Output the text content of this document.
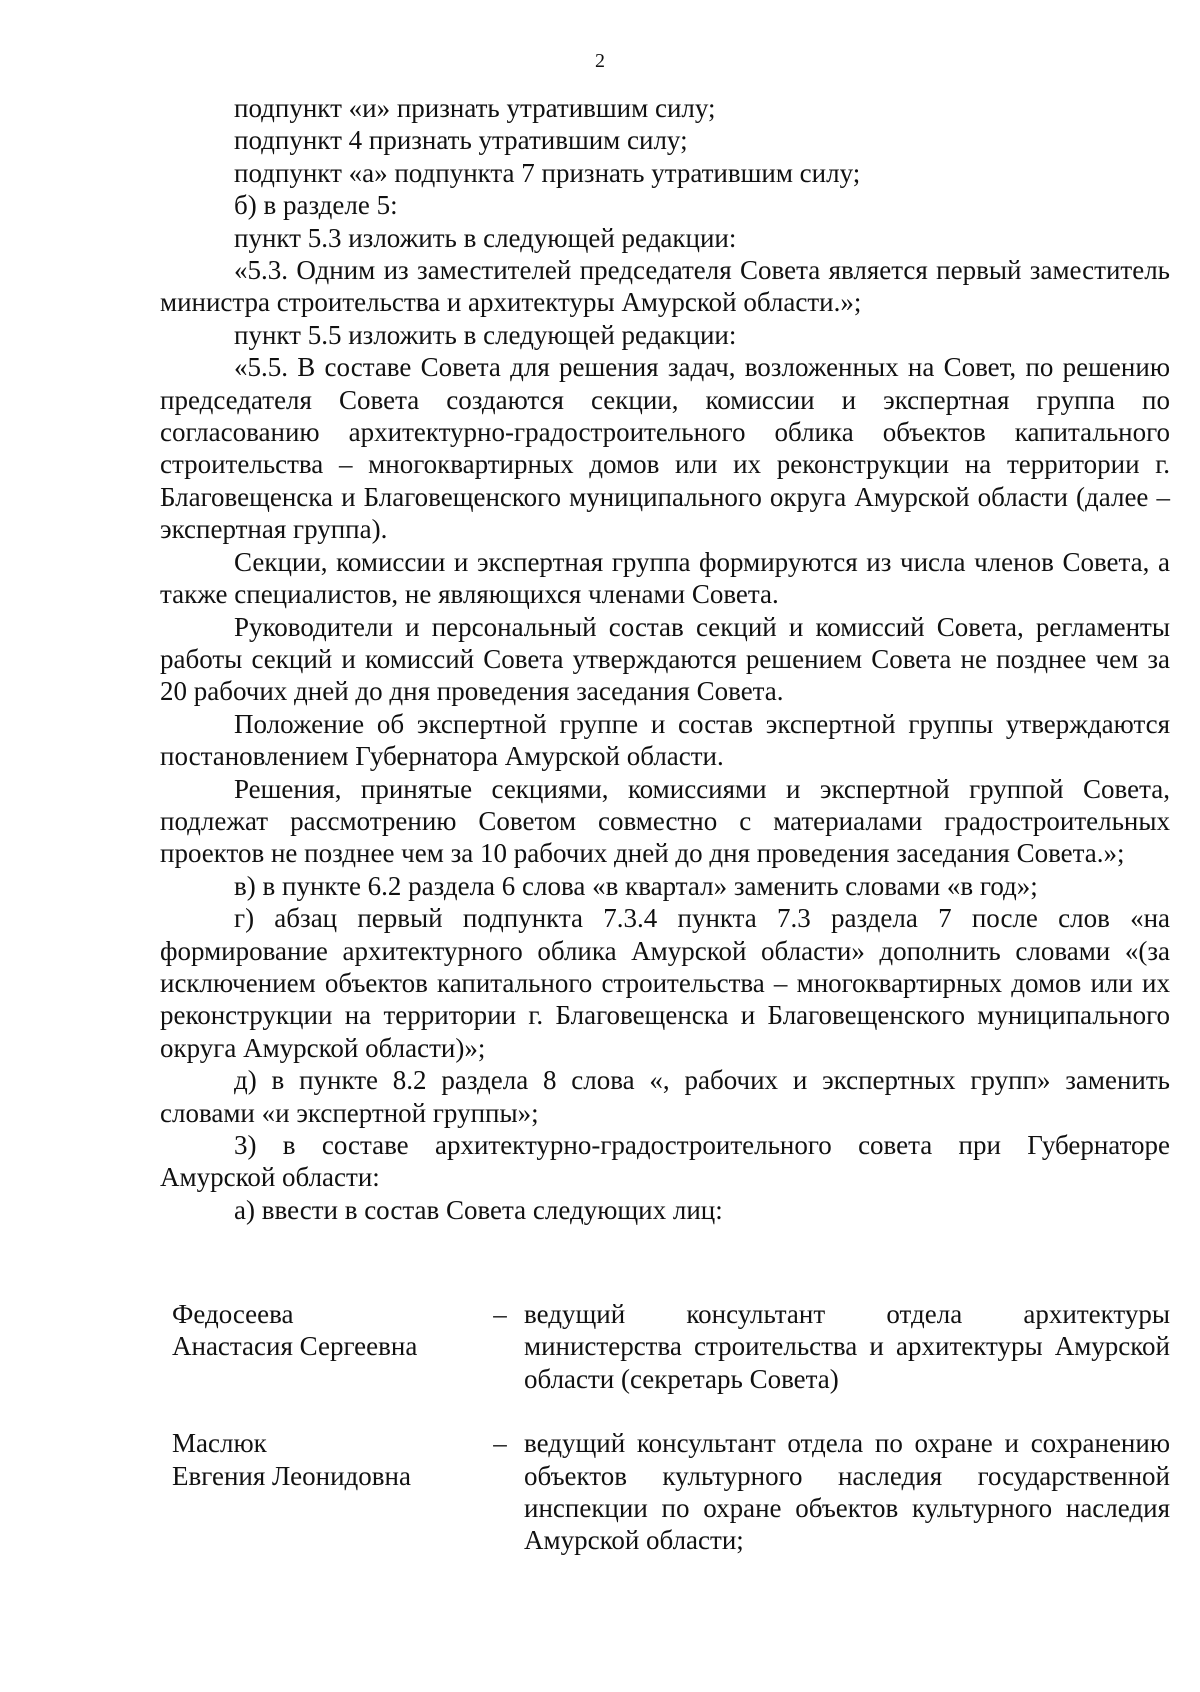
2

подпункт «и» признать утратившим силу;

подпункт 4 признать утратившим силу;

подпункт «а» подпункта 7 признать утратившим силу;

б) в разделе 5:

пункт 5.3 изложить в следующей редакции:

«5.3. Одним из заместителей председателя Совета является первый заместитель министра строительства и архитектуры Амурской области.»;

пункт 5.5 изложить в следующей редакции:

«5.5. В составе Совета для решения задач, возложенных на Совет, по решению председателя Совета создаются секции, комиссии и экспертная группа по согласованию архитектурно-градостроительного облика объектов капитального строительства – многоквартирных домов или их реконструкции на территории г. Благовещенска и Благовещенского муниципального округа Амурской области (далее – экспертная группа).

Секции, комиссии и экспертная группа формируются из числа членов Совета, а также специалистов, не являющихся членами Совета.

Руководители и персональный состав секций и комиссий Совета, регламенты работы секций и комиссий Совета утверждаются решением Совета не позднее чем за 20 рабочих дней до дня проведения заседания Совета.

Положение об экспертной группе и состав экспертной группы утверждаются постановлением Губернатора Амурской области.

Решения, принятые секциями, комиссиями и экспертной группой Совета, подлежат рассмотрению Советом совместно с материалами градостроительных проектов не позднее чем за 10 рабочих дней до дня проведения заседания Совета.»;

в) в пункте 6.2 раздела 6 слова «в квартал» заменить словами «в год»;

г) абзац первый подпункта 7.3.4 пункта 7.3 раздела 7 после слов «на формирование архитектурного облика Амурской области» дополнить словами «(за исключением объектов капитального строительства – многоквартирных домов или их реконструкции на территории г. Благовещенска и Благовещенского муниципального округа Амурской области)»;

д) в пункте 8.2 раздела 8 слова «, рабочих и экспертных групп» заменить словами «и экспертной группы»;

3) в составе архитектурно-градостроительного совета при Губернаторе Амурской области:

а) ввести в состав Совета следующих лиц:

Федосеева
Анастасия Сергеевна
– ведущий консультант отдела архитектуры министерства строительства и архитектуры Амурской области (секретарь Совета)
Маслюк
Евгения Леонидовна
– ведущий консультант отдела по охране и сохранению объектов культурного наследия государственной инспекции по охране объектов культурного наследия Амурской области;
